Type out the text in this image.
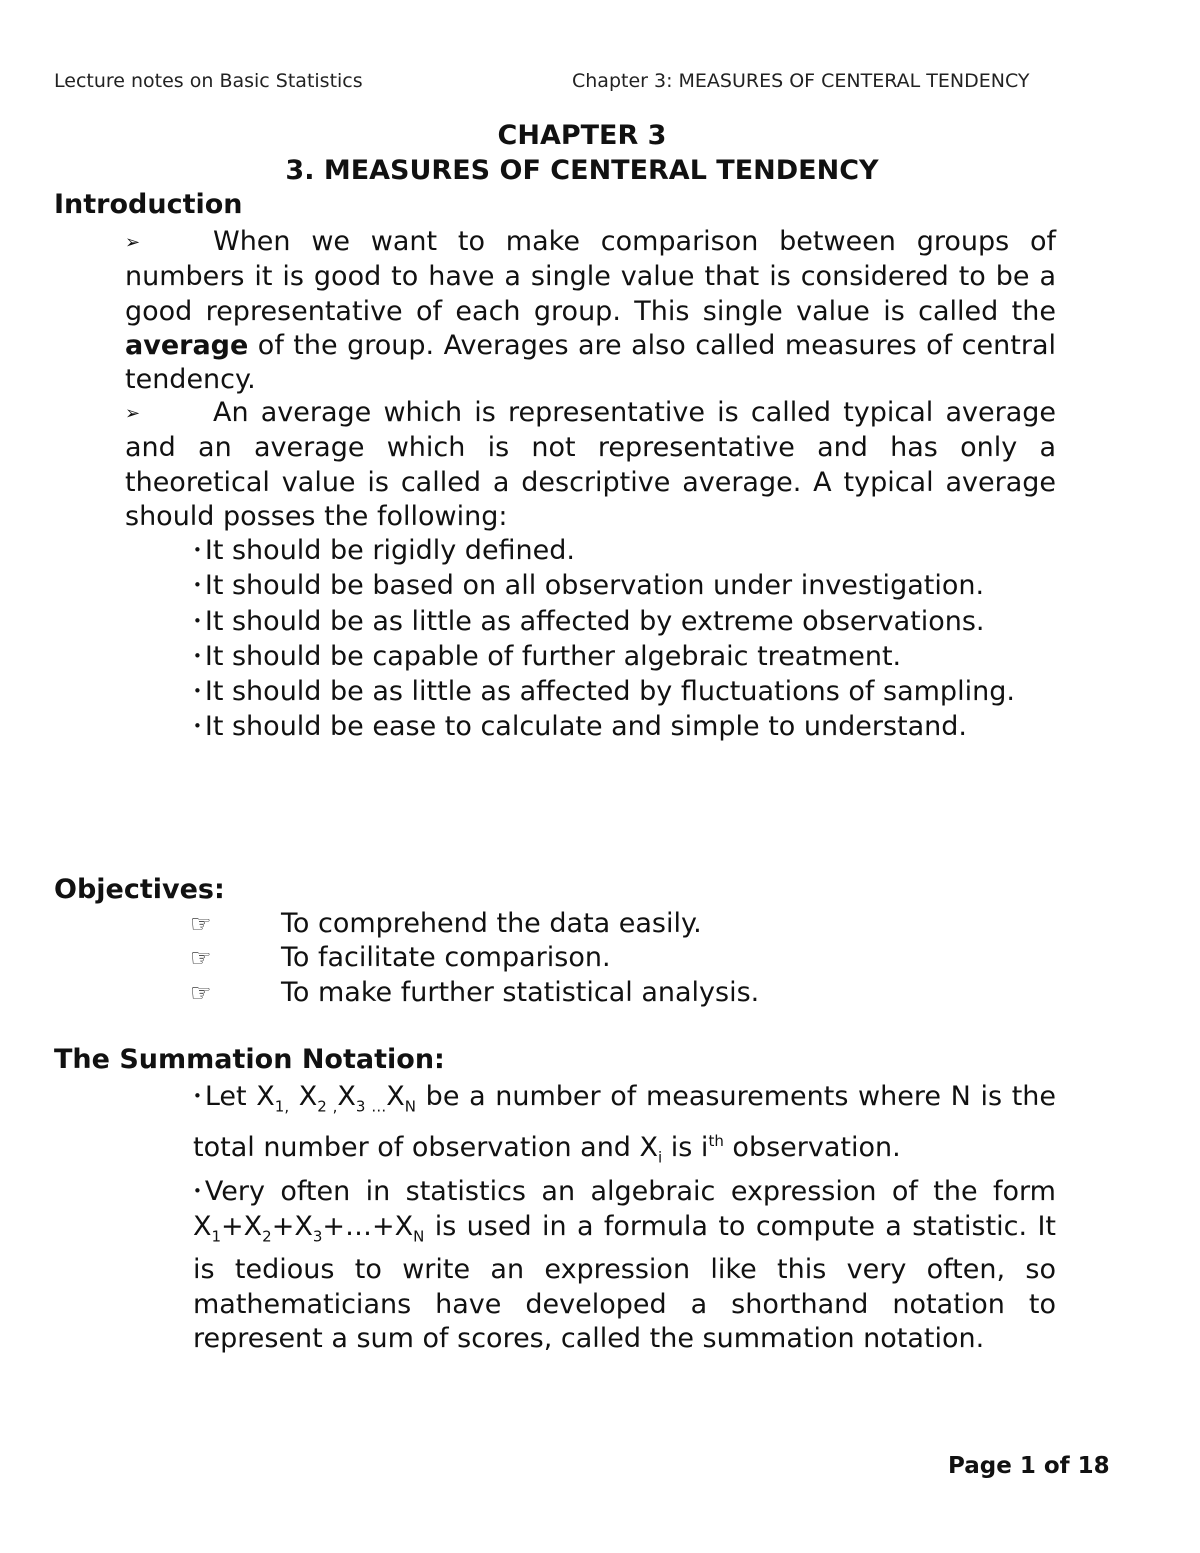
Lecture notes on Basic Statistics	Chapter 3: MEASURES OF CENTERAL TENDENCY
CHAPTER 3
3. MEASURES OF CENTERAL TENDENCY
Introduction

➢	When we want to make comparison between groups of numbers it is good to have a single value that is considered to be a good representative of each group. This single value is called the average of the group. Averages are also called measures of central tendency.

➢	An average which is representative is called typical average and an average which is not representative and has only a theoretical value is called a descriptive average. A typical average should posses the following:

• It should be rigidly defined.
• It should be based on all observation under investigation.
• It should be as little as affected by extreme observations.
• It should be capable of further algebraic treatment.
• It should be as little as affected by fluctuations of sampling.
• It should be ease to calculate and simple to understand.
Objectives:
☞	To comprehend the data easily.
☞	To facilitate comparison.
☞	To make further statistical analysis.
The Summation Notation:
• Let $X_{1,}$ $X_{2 ,}X_{3 \dots}X_N$ be a number of measurements where N is the total number of observation and $X_i$ is $i^{th}$ observation.
• Very often in statistics an algebraic expression of the form $X_1+X_2+X_3+\dots+X_N$ is used in a formula to compute a statistic. It is tedious to write an expression like this very often, so mathematicians have developed a shorthand notation to represent a sum of scores, called the summation notation.
Page 1 of 18
